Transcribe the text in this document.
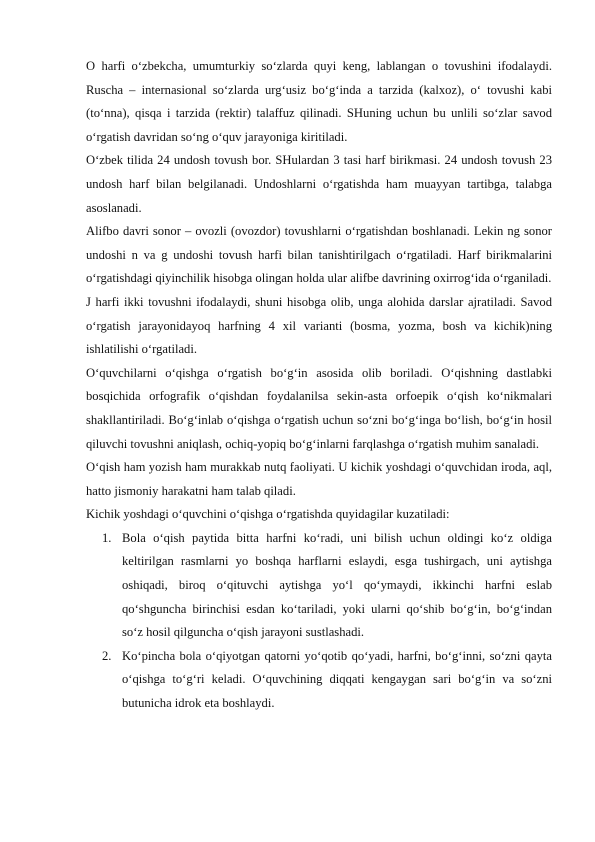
O harfi o‘zbekcha, umumturkiy so‘zlarda quyi keng, lablangan o tovushini ifodalaydi. Ruscha – internasional so‘zlarda urg‘usiz bo‘g‘inda a tarzida (kalxoz), o‘ tovushi kabi (to‘nna), qisqa i tarzida (rektir) talaffuz qilinadi. SHuning uchun bu unlili so‘zlar savod o‘rgatish davridan so‘ng o‘quv jarayoniga kiritiladi.

O‘zbek tilida 24 undosh tovush bor. SHulardan 3 tasi harf birikmasi. 24 undosh tovush 23 undosh harf bilan belgilanadi. Undoshlarni o‘rgatishda ham muayyan tartibga, talabga asoslanadi.

Alifbo davri sonor – ovozli (ovozdor) tovushlarni o‘rgatishdan boshlanadi. Lekin ng sonor undoshi n va g undoshi tovush harfi bilan tanishtirilgach o‘rgatiladi. Harf birikmalarini o‘rgatishdagi qiyinchilik hisobga olingan holda ular alifbe davrining oxirrog‘ida o‘rganiladi.

J harfi ikki tovushni ifodalaydi, shuni hisobga olib, unga alohida darslar ajratiladi. Savod o‘rgatish jarayonidayoq harfning 4 xil varianti (bosma, yozma, bosh va kichik)ning ishlatilishi o‘rgatiladi.

O‘quvchilarni o‘qishga o‘rgatish bo‘g‘in asosida olib boriladi. O‘qishning dastlabki bosqichida orfografik o‘qishdan foydalanilsa sekin-asta orfoepik o‘qish ko‘nikmalari shakllantiriladi. Bo‘g‘inlab o‘qishga o‘rgatish uchun so‘zni bo‘g‘inga bo‘lish, bo‘g‘in hosil qiluvchi tovushni aniqlash, ochiq-yopiq bo‘g‘inlarni farqlashga o‘rgatish muhim sanaladi.

O‘qish ham yozish ham murakkab nutq faoliyati. U kichik yoshdagi o‘quvchidan iroda, aql, hatto jismoniy harakatni ham talab qiladi.

Kichik yoshdagi o‘quvchini o‘qishga o‘rgatishda quyidagilar kuzatiladi:

1. Bola o‘qish paytida bitta harfni ko‘radi, uni bilish uchun oldingi ko‘z oldiga keltirilgan rasmlarni yo boshqa harflarni eslaydi, esga tushirgach, uni aytishga oshiqadi, biroq o‘qituvchi aytishga yo‘l qo‘ymaydi, ikkinchi harfni eslab qo‘shguncha birinchisi esdan ko‘tariladi, yoki ularni qo‘shib bo‘g‘in, bo‘g‘indan so‘z hosil qilguncha o‘qish jarayoni sustlashadi.
2. Ko‘pincha bola o‘qiyotgan qatorni yo‘qotib qo‘yadi, harfni, bo‘g‘inni, so‘zni qayta o‘qishga to‘g‘ri keladi. O‘quvchining diqqati kengaygan sari bo‘g‘in va so‘zni butunicha idrok eta boshlaydi.
